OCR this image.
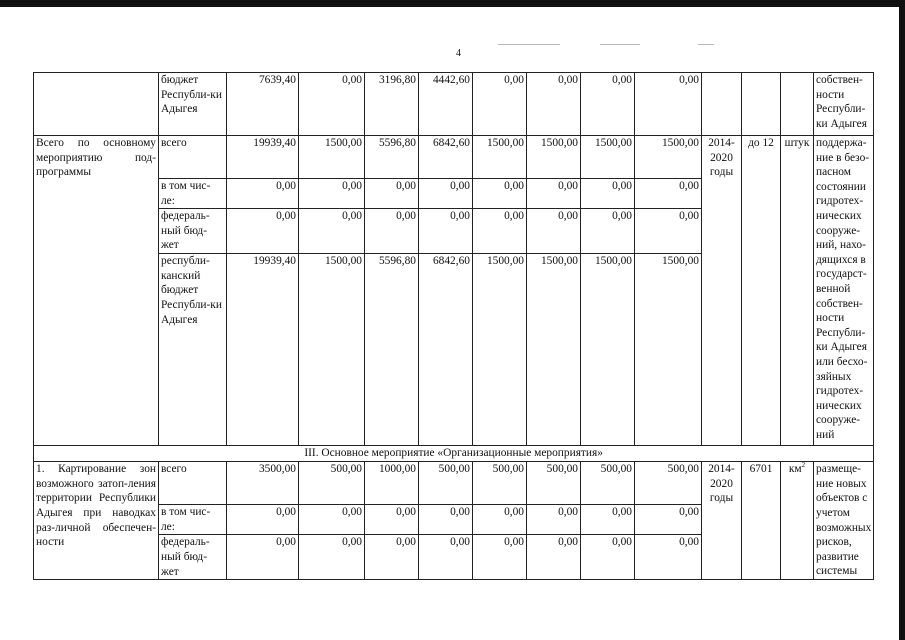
4
	бюджет Республи-ки Адыгея	7639,40	0,00	3196,80	4442,60	0,00	0,00	0,00	0,00				собствен-ности Республи-ки Адыгея
Всего по основному мероприятию под-программы	всего	19939,40	1500,00	5596,80	6842,60	1500,00	1500,00	1500,00	1500,00	2014-2020 годы	до 12	штук	поддержа-ние в безо-пасном состоянии гидротех-нических сооруже-ний, нахо-дящихся в государст-венной собствен-ности Республи-ки Адыгея или бесхо-зяйных гидротех-нических сооруже-ний
	в том чис-ле:	0,00	0,00	0,00	0,00	0,00	0,00	0,00	0,00				
	федераль-ный бюд-жет	0,00	0,00	0,00	0,00	0,00	0,00	0,00	0,00				
	республи-канский бюджет Республи-ки Адыгея	19939,40	1500,00	5596,80	6842,60	1500,00	1500,00	1500,00	1500,00				
III. Основное мероприятие «Организационные мероприятия»													
1. Картирование зон возможного затоп-ления территории Республики Адыгея при наводках раз-личной обеспечен-ности	всего	3500,00	500,00	1000,00	500,00	500,00	500,00	500,00	500,00	2014-2020 годы	6701	$км^2$	размеще-ние новых объектов с учетом возможных рисков, развитие системы
	в том чис-ле:	0,00	0,00	0,00	0,00	0,00	0,00	0,00	0,00				
	федераль-ный бюд-жет	0,00	0,00	0,00	0,00	0,00	0,00	0,00	0,00				
